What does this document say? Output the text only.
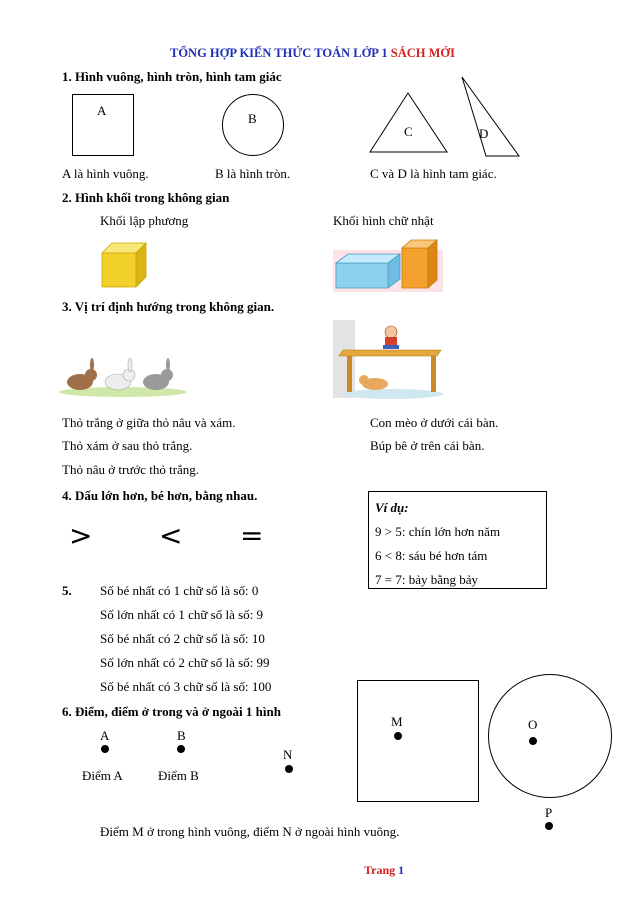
TỔNG HỢP KIẾN THỨC TOÁN LỚP 1 SÁCH MỚI
1. Hình vuông, hình tròn, hình tam giác
A
B
C	D
A là hình vuông.	B là hình tròn.	C và D là hình tam giác.
2. Hình khối trong không gian
Khối lập phương	Khối hình chữ nhật
3. Vị trí định hướng trong không gian.
Thỏ trắng ở giữa thỏ nâu và xám.
Thỏ xám ở sau thỏ trắng.
Thỏ nâu ở trước thỏ trắng.
Con mèo ở dưới cái bàn.
Búp bê ở trên cái bàn.
4. Dấu lớn hơn, bé hơn, bằng nhau.
> < =
Ví dụ:
9 > 5: chín lớn hơn năm
6 < 8: sáu bé hơn tám
7 = 7: bảy bằng bảy
5. Số bé nhất có 1 chữ số là số: 0
Số lớn nhất có 1 chữ số là số: 9
Số bé nhất có 2 chữ số là số: 10
Số lớn nhất có 2 chữ số là số: 99
Số bé nhất có 3 chữ số là số: 100
6. Điểm, điểm ở trong và ở ngoài 1 hình
A	B
N
Điểm A	Điểm B
M	O
P
Điểm M ở trong hình vuông, điểm N ở ngoài hình vuông.
Trang 1
